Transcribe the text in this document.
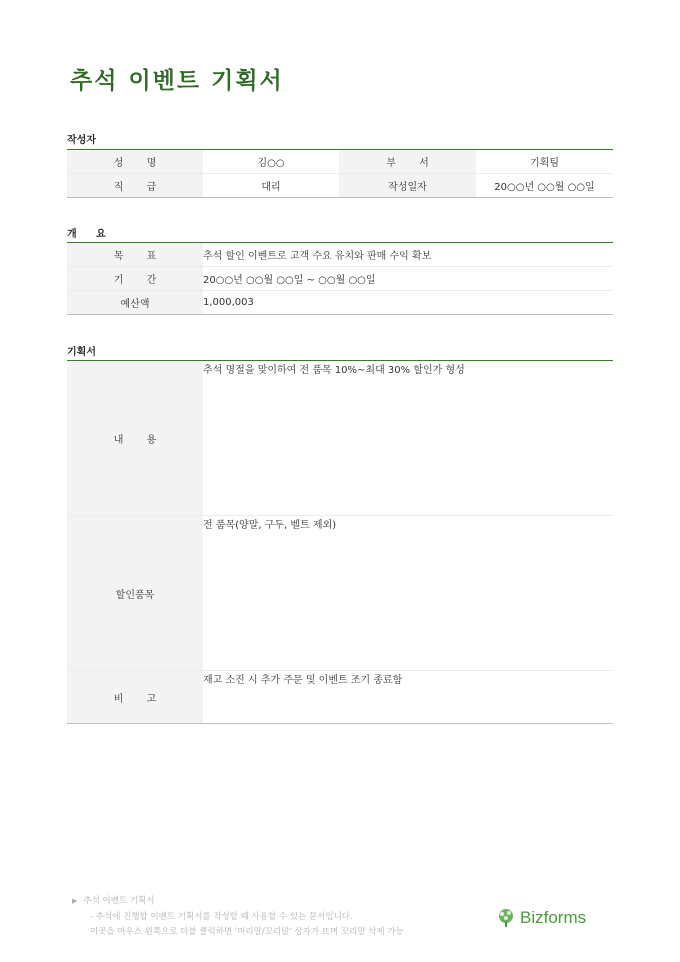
추석 이벤트 기획서
작성자
성 명	김○○	부 서	기획팀
직 급	대리	작성일자	20○○년 ○○월 ○○일
개 요
목 표	추석 할인 이벤트로 고객 수요 유치와 판매 수익 확보
기 간	20○○년 ○○월 ○○일 ~ ○○월 ○○일
예산액	1,000,003
기획서
내 용	추석 명절을 맞이하여 전 품목 10%~최대 30% 할인가 형성
할인품목	전 품목(양말, 구두, 벨트 제외)
비 고	재고 소진 시 추가 주문 및 이벤트 조기 종료함
▶ 추석 이벤트 기획서
- 추석에 진행할 이벤트 기획서를 작성할 때 사용할 수 있는 문서입니다.
이곳을 마우스 왼쪽으로 더블 클릭하면 '머리말/꼬리말' 상자가 뜨며 꼬리말 삭제 가능
Bizforms
